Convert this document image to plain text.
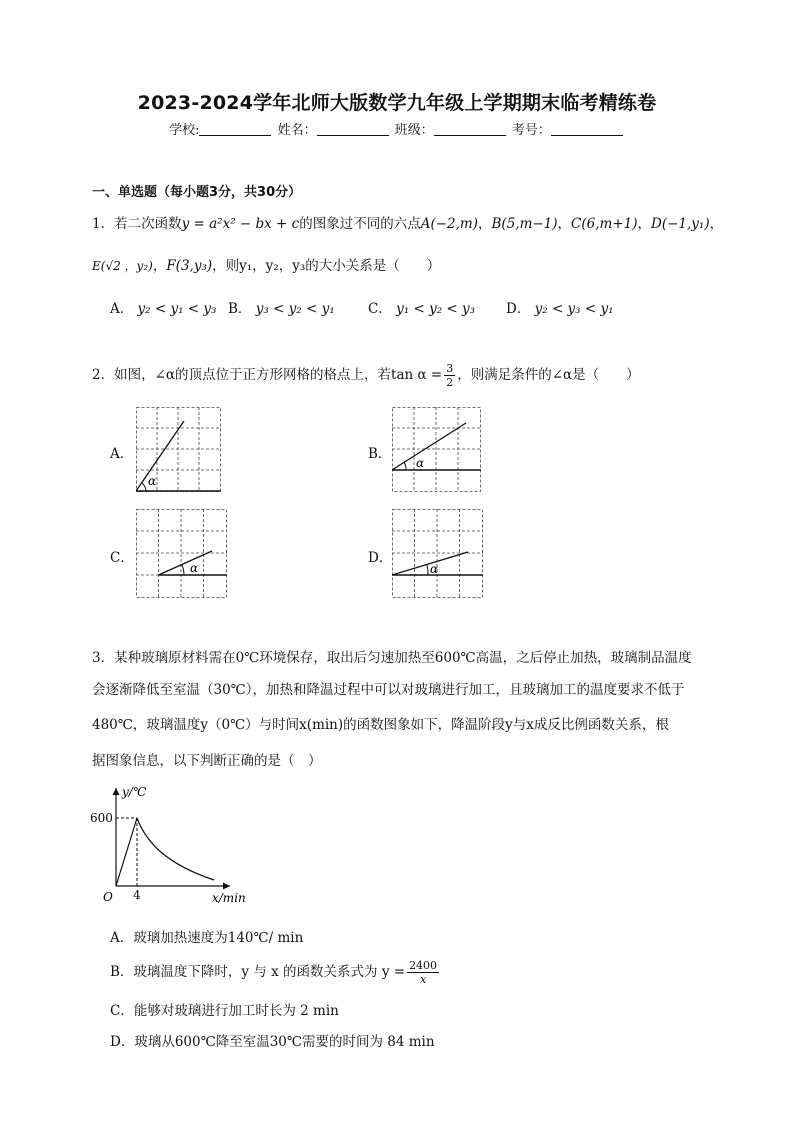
2023-2024学年北师大版数学九年级上学期期末临考精练卷
学校:	姓名：	班级：	考号：
一、单选题（每小题3分，共30分）
1．若二次函数y = a²x² − bx + c的图象过不同的六点A(−2,m)，B(5,m−1)，C(6,m+1)，D(−1,y₁)，
E(√2 ，y₂)，F(3,y₃)，则y₁，y₂，y₃的大小关系是（　　）
A． y₂ < y₁ < y₃ B． y₃ < y₂ < y₁ C． y₁ < y₂ < y₃ D． y₂ < y₃ < y₁
2．如图，∠α的顶点位于正方形网格的格点上，若$\tan \alpha = \frac{3}{2}$ ，则满足条件的∠α是（　　）
A．
α
B．
α
C．
α
D．
α
3．某种玻璃原材料需在0℃环境保存，取出后匀速加热至600℃高温，之后停止加热，玻璃制品温度
会逐渐降低至室温（30℃），加热和降温过程中可以对玻璃进行加工，且玻璃加工的温度要求不低于
480℃，玻璃温度y（0℃）与时间x(min)的函数图象如下，降温阶段y与x成反比例函数关系，根
据图象信息，以下判断正确的是（　）
600
4
O
y/℃
x/min
A．玻璃加热速度为140℃/ min
B．玻璃温度下降时，y 与 x 的函数关系式为 $y = \frac{2400}{x}$
C．能够对玻璃进行加工时长为 2 min
D．玻璃从600℃降至室温30℃需要的时间为 84 min
